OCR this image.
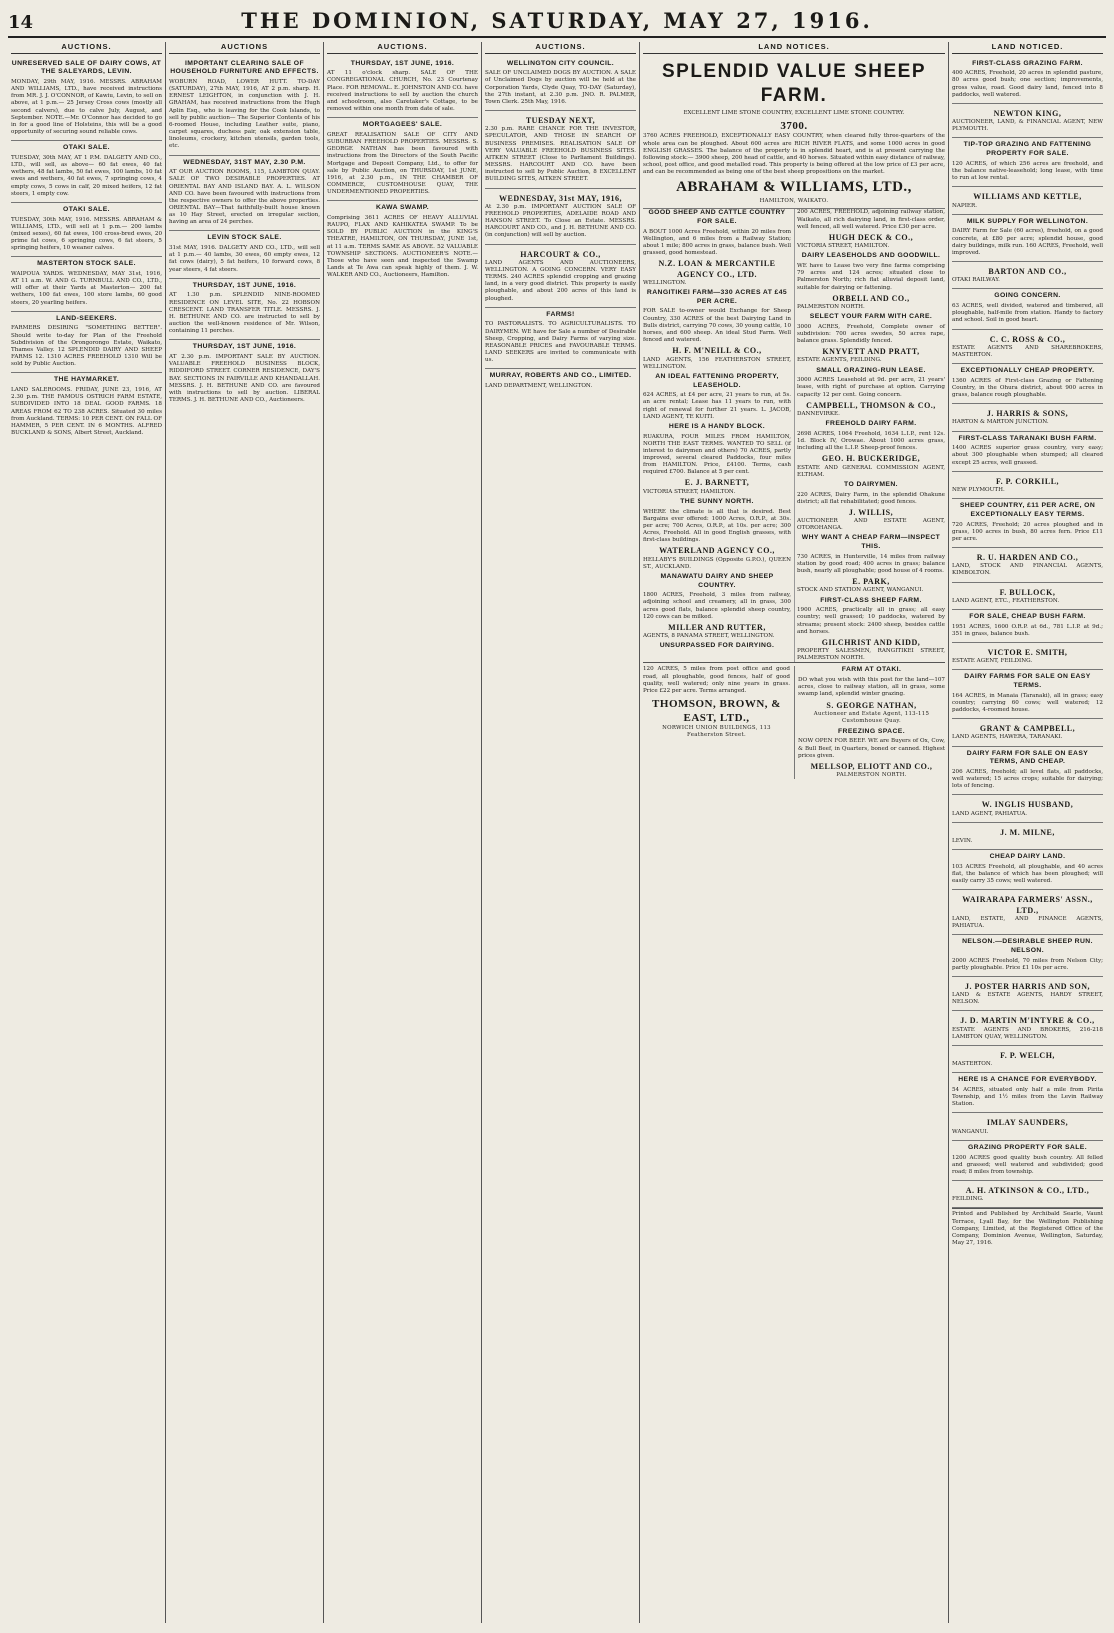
14	THE DOMINION, SATURDAY, MAY 27, 1916.
AUCTIONS.
UNRESERVED SALE OF DAIRY COWS, AT THE SALEYARDS, LEVIN.
MONDAY, 29th MAY, 1916. MESSRS. ABRAHAM AND WILLIAMS, LTD., have received instructions from MR. J. J. O'CONNOR, of Kawiu, Levin, to sell on above, at 1 p.m.— 25 Jersey Cross cows (mostly all second calvers), due to calve July, August, and September. NOTE.—Mr. O'Connor has decided to go in for a good line of Holsteins, this will be a good opportunity of securing sound reliable cows.
OTAKI SALE.
TUESDAY, 30th MAY, AT 1 P.M. DALGETY AND CO., LTD., will sell, as above— 60 fat ewes, 40 fat wethers, 48 fat lambs, 50 fat ewes, 100 lambs, 10 fat ewes and wethers, 40 fat ewes, 7 springing cows, 4 empty cows, 5 cows in calf, 20 mixed heifers, 12 fat steers, 1 empty cow.
OTAKI SALE.
TUESDAY, 30th MAY, 1916. MESSRS. ABRAHAM & WILLIAMS, LTD., will sell at 1 p.m.— 200 lambs (mixed sexes), 60 fat ewes, 100 cross-bred ewes, 20 prime fat cows, 6 springing cows, 6 fat steers, 5 springing heifers, 10 weaner calves.
MASTERTON STOCK SALE.
WAIPOUA YARDS. WEDNESDAY, MAY 31st, 1916, AT 11 a.m. W. AND G. TURNBULL AND CO., LTD., will offer at their Yards at Masterton— 200 fat wethers, 100 fat ewes, 100 store lambs, 60 good steers, 20 yearling heifers.
LAND-SEEKERS.
FARMERS DESIRING "SOMETHING BETTER". Should write to-day for Plan of the Freehold Subdivision of the Orongorongo Estate, Waikato, Thames Valley. 12 SPLENDID DAIRY AND SHEEP FARMS 12. 1310 ACRES FREEHOLD 1310 Will be sold by Public Auction.
THE HAYMARKET.
LAND SALEROOMS. FRIDAY, JUNE 23, 1916, AT 2.30 p.m. THE FAMOUS OSTRICH FARM ESTATE, SUBDIVIDED INTO 18 DEAL GOOD FARMS. 18 AREAS FROM 62 TO 238 ACRES. Situated 30 miles from Auckland. TERMS: 10 PER CENT. ON FALL OF HAMMER, 5 PER CENT. IN 6 MONTHS. ALFRED BUCKLAND & SONS, Albert Street, Auckland.
AUCTIONS
IMPORTANT CLEARING SALE OF HOUSEHOLD FURNITURE AND EFFECTS.
WOBURN ROAD, LOWER HUTT. TO-DAY (SATURDAY), 27th MAY, 1916, AT 2 p.m. sharp. H. ERNEST LEIGHTON, in conjunction with J. H. GRAHAM, has received instructions from the Hugh Aplin Esq., who is leaving for the Cook Islands, to sell by public auction— The Superior Contents of his 6-roomed House, including Leather suite, piano, carpet squares, duchess pair, oak extension table, linoleums, crockery, kitchen utensils, garden tools, etc.
WEDNESDAY, 31ST MAY, 2.30 P.M.
AT OUR AUCTION ROOMS, 115, LAMBTON QUAY. SALE OF TWO DESIRABLE PROPERTIES. AT ORIENTAL BAY AND ISLAND BAY. A. L. WILSON AND CO. have been favoured with instructions from the respective owners to offer the above properties. ORIENTAL BAY—That faithfully-built house known as 10 Hay Street, erected on irregular section, having an area of 24 perches.
LEVIN STOCK SALE.
31st MAY, 1916. DALGETY AND CO., LTD., will sell at 1 p.m.— 40 lambs, 30 ewes, 60 empty ewes, 12 fat cows (dairy), 5 fat heifers, 10 forward cows, 8 year steers, 4 fat steers.
THURSDAY, 1ST JUNE, 1916.
AT 1.30 p.m. SPLENDID NINE-ROOMED RESIDENCE ON LEVEL SITE, No. 22 HOBSON CRESCENT. LAND TRANSFER TITLE. MESSRS. J. H. BETHUNE AND CO. are instructed to sell by auction the well-known residence of Mr. Wilson, containing 11 perches.
THURSDAY, 1ST JUNE, 1916.
AT 2.30 p.m. IMPORTANT SALE BY AUCTION. VALUABLE FREEHOLD BUSINESS BLOCK, RIDDIFORD STREET. CORNER RESIDENCE, DAY'S BAY. SECTIONS IN FAIRVILLE AND KHANDALLAH. MESSRS. J. H. BETHUNE AND CO. are favoured with instructions to sell by auction. LIBERAL TERMS. J. H. BETHUNE AND CO., Auctioneers.
AUCTIONS.
THURSDAY, 1ST JUNE, 1916.
AT 11 o'clock sharp. SALE OF THE CONGREGATIONAL CHURCH, No. 23 Courtenay Place. FOR REMOVAL. E. JOHNSTON AND CO. have received instructions to sell by auction the church and schoolroom, also Caretaker's Cottage, to be removed within one month from date of sale.
MORTGAGEES' SALE.
GREAT REALISATION SALE OF CITY AND SUBURBAN FREEHOLD PROPERTIES. MESSRS. S. GEORGE NATHAN has been favoured with instructions from the Directors of the South Pacific Mortgage and Deposit Company, Ltd., to offer for sale by Public Auction, on THURSDAY, 1st JUNE, 1916, at 2.30 p.m., IN THE CHAMBER OF COMMERCE, CUSTOMHOUSE QUAY, THE UNDERMENTIONED PROPERTIES.
KAWA SWAMP.
Comprising 3611 ACRES OF HEAVY ALLUVIAL RAUPO, FLAX AND KAHIKATEA SWAMP. To be SOLD BY PUBLIC AUCTION in the KING'S THEATRE, HAMILTON, ON THURSDAY, JUNE 1st, at 11 a.m. TERMS SAME AS ABOVE. 52 VALUABLE TOWNSHIP SECTIONS. AUCTIONEER'S NOTE.—Those who have seen and inspected the Swamp Lands at Te Awa can speak highly of them. J. W. WALKER AND CO., Auctioneers, Hamilton.
AUCTIONS.
WELLINGTON CITY COUNCIL.
SALE OF UNCLAIMED DOGS BY AUCTION. A SALE of Unclaimed Dogs by auction will be held at the Corporation Yards, Clyde Quay, TO-DAY (Saturday), the 27th instant, at 2.30 p.m. JNO. R. PALMER, Town Clerk. 25th May, 1916.
TUESDAY NEXT,
2.30 p.m. RARE CHANCE FOR THE INVESTOR, SPECULATOR, AND THOSE IN SEARCH OF BUSINESS PREMISES. REALISATION SALE OF VERY VALUABLE FREEHOLD BUSINESS SITES. AITKEN STREET (Close to Parliament Buildings). MESSRS. HARCOURT AND CO. have been instructed to sell by Public Auction, 8 EXCELLENT BUILDING SITES, AITKEN STREET.
WEDNESDAY, 31st MAY, 1916,
At 2.30 p.m. IMPORTANT AUCTION SALE OF FREEHOLD PROPERTIES, ADELAIDE ROAD AND HANSON STREET. To Close an Estate. MESSRS. HARCOURT AND CO., and J. H. BETHUNE AND CO. (in conjunction) will sell by auction.
HARCOURT & CO.,
LAND AGENTS AND AUCTIONEERS, WELLINGTON. A GOING CONCERN. VERY EASY TERMS. 240 ACRES splendid cropping and grazing land, in a very good district. This property is easily ploughable, and about 200 acres of this land is ploughed.
FARMS!
TO PASTORALISTS. TO AGRICULTURALISTS. TO DAIRYMEN. WE have for Sale a number of Desirable Sheep, Cropping, and Dairy Farms of varying size. REASONABLE PRICES and FAVOURABLE TERMS. LAND SEEKERS are invited to communicate with us.
MURRAY, ROBERTS AND CO., LIMITED.
LAND DEPARTMENT, WELLINGTON.
LAND NOTICES.
SPLENDID VALUE SHEEP FARM.
EXCELLENT LIME STONE COUNTRY, EXCELLENT LIME STONE COUNTRY.
3700.
3760 ACRES FREEHOLD, EXCEPTIONALLY EASY COUNTRY, when cleared fully three-quarters of the whole area can be ploughed. About 600 acres are RICH RIVER FLATS, and some 1000 acres in good ENGLISH GRASSES. The balance of the property is in splendid heart, and is at present carrying the following stock:— 3900 sheep, 200 head of cattle, and 40 horses. Situated within easy distance of railway, school, post office, and good metalled road. This property is being offered at the low price of £3 per acre, and can be recommended as being one of the best sheep propositions on the market.
ABRAHAM & WILLIAMS, LTD.,
HAMILTON, WAIKATO.
GOOD SHEEP AND CATTLE COUNTRY FOR SALE.
A BOUT 1000 Acres Freehold, within 20 miles from Wellington, and 6 miles from a Railway Station; about 1 mile; 800 acres in grass, balance bush. Well grassed, good homestead.
N.Z. LOAN & MERCANTILE AGENCY CO., LTD.
WELLINGTON.
RANGITIKEI FARM—330 ACRES AT £45 PER ACRE.
FOR SALE to-owner would Exchange for Sheep Country, 330 ACRES of the best Dairying Land in Bulls district, carrying 70 cows, 30 young cattle, 10 horses, and 600 sheep. An ideal Stud Farm. Well fenced and watered.
H. F. M'NEILL & CO.,
LAND AGENTS, 156 FEATHERSTON STREET, WELLINGTON.
AN IDEAL FATTENING PROPERTY, LEASEHOLD.
624 ACRES, at £4 per acre, 21 years to run, at 5s. an acre rental; Lease has 11 years to run, with right of renewal for further 21 years. L. JACOB, LAND AGENT, TE KUITI.
HERE IS A HANDY BLOCK.
RUAKURA, FOUR MILES FROM HAMILTON, NORTH THE EAST TERMS. WANTED TO SELL (if interest to dairymen and others) 70 ACRES, partly improved, several cleared Paddocks, four miles from HAMILTON. Price, £4100. Terms, cash required £700. Balance at 5 per cent.
E. J. BARNETT,
VICTORIA STREET, HAMILTON.
THE SUNNY NORTH.
WHERE the climate is all that is desired. Best Bargains ever offered: 1000 Acres, O.R.P., at 30s. per acre; 700 Acres, O.R.P., at 10s. per acre; 300 Acres, Freehold. All in good English grasses, with first-class buildings.
WATERLAND AGENCY CO.,
HELLABY'S BUILDINGS (Opposite G.P.O.), QUEEN ST., AUCKLAND.
MANAWATU DAIRY AND SHEEP COUNTRY.
1800 ACRES, Freehold, 3 miles from railway, adjoining school and creamery, all in grass, 300 acres good flats, balance splendid sheep country, 120 cows can be milked.
MILLER AND RUTTER,
AGENTS, 8 PANAMA STREET, WELLINGTON.
UNSURPASSED FOR DAIRYING.
200 ACRES, FREEHOLD, adjoining railway station, Waikato, all rich dairying land, in first-class order, well fenced, all well watered. Price £30 per acre.
HUGH DECK & CO.,
VICTORIA STREET, HAMILTON.
DAIRY LEASEHOLDS AND GOODWILL.
WE have to Lease two very fine farms comprising 79 acres and 124 acres; situated close to Palmerston North; rich flat alluvial deposit land, suitable for dairying or fattening.
ORBELL AND CO.,
PALMERSTON NORTH.
SELECT YOUR FARM WITH CARE.
3000 ACRES, Freehold, Complete owner of subdivision: 700 acres swedes, 50 acres rape, balance grass. Splendidly fenced.
KNYVETT AND PRATT,
ESTATE AGENTS, FEILDING.
SMALL GRAZING-RUN LEASE.
3000 ACRES Leasehold at 9d. per acre, 21 years' lease, with right of purchase at option. Carrying capacity 12 per cent. Going concern.
CAMPBELL, THOMSON & CO.,
DANNEVIRKE.
FREEHOLD DAIRY FARM.
2698 ACRES, 1064 Freehold, 1634 L.I.P., rent 12s. 1d. Block IV, Orowae. About 1000 acres grass, including all the L.I.P. Sheep-proof fences.
GEO. H. BUCKERIDGE,
ESTATE AND GENERAL COMMISSION AGENT, ELTHAM.
TO DAIRYMEN.
220 ACRES, Dairy Farm, in the splendid Ohakune district; all flat rehabilitated; good fences.
J. WILLIS,
AUCTIONEER AND ESTATE AGENT, OTOROHANGA.
WHY WANT A CHEAP FARM—INSPECT THIS.
730 ACRES, in Hunterville, 14 miles from railway station by good road; 400 acres in grass; balance bush, nearly all ploughable; good house of 4 rooms.
E. PARK,
STOCK AND STATION AGENT, WANGANUI.
FIRST-CLASS SHEEP FARM.
1900 ACRES, practically all in grass; all easy country; well grassed; 10 paddocks, watered by streams; present stock: 2400 sheep, besides cattle and horses.
GILCHRIST AND KIDD,
PROPERTY SALESMEN, RANGITIKEI STREET, PALMERSTON NORTH.
120 ACRES, 5 miles from post office and good road, all ploughable, good fences, half of good quality, well watered; only nine years in grass. Price £22 per acre. Terms arranged.
THOMSON, BROWN, & EAST, LTD.,
NORWICH UNION BUILDINGS, 113 Featherston Street.
FARM AT OTAKI.
DO what you wish with this post for the land—107 acres, close to railway station, all in grass, some swamp land, splendid winter grazing.
S. GEORGE NATHAN,
Auctioneer and Estate Agent, 113-115 Customhouse Quay.
FREEZING SPACE.
NOW OPEN FOR BEEF. WE are Buyers of Ox, Cow, & Bull Beef, in Quarters, boned or canned. Highest prices given.
MELLSOP, ELIOTT AND CO.,
PALMERSTON NORTH.
LAND NOTICED.
FIRST-CLASS GRAZING FARM.
400 ACRES, Freehold, 20 acres in splendid pasture, 80 acres good bush; one section; improvements, gross value, road. Good dairy land, fenced into 8 paddocks, well watered.
NEWTON KING,
AUCTIONEER, LAND, & FINANCIAL AGENT, NEW PLYMOUTH.
TIP-TOP GRAZING AND FATTENING PROPERTY FOR SALE.
120 ACRES, of which 256 acres are freehold, and the balance native-leasehold; long lease, with time to run at low rental.
WILLIAMS AND KETTLE,
NAPIER.
MILK SUPPLY FOR WELLINGTON.
DAIRY Farm for Sale (60 acres), freehold, on a good concrete, at £80 per acre; splendid house, good dairy buildings, milk run. 160 ACRES, Freehold, well improved.
BARTON AND CO.,
OTAKI RAILWAY.
GOING CONCERN.
63 ACRES, well divided, watered and timbered, all ploughable, half-mile from station. Handy to factory and school. Soil in good heart.
C. C. ROSS & CO.,
ESTATE AGENTS AND SHAREBROKERS, MASTERTON.
EXCEPTIONALLY CHEAP PROPERTY.
1360 ACRES of First-class Grazing or Fattening Country, in the Ohura district, about 900 acres in grass, balance rough ploughable.
J. HARRIS & SONS,
HARTON & MARTON JUNCTION.
FIRST-CLASS TARANAKI BUSH FARM.
1400 ACRES superior grass country, very easy; about 300 ploughable when stumped; all cleared except 25 acres, well grassed.
F. P. CORKILL,
NEW PLYMOUTH.
SHEEP COUNTRY, £11 PER ACRE, ON EXCEPTIONALLY EASY TERMS.
720 ACRES, Freehold; 20 acres ploughed and in grass, 100 acres in bush, 80 acres fern. Price £11 per acre.
R. U. HARDEN AND CO.,
LAND, STOCK AND FINANCIAL AGENTS, KIMBOLTON.
F. BULLOCK,
LAND AGENT, ETC., FEATHERSTON.
FOR SALE, CHEAP BUSH FARM.
1951 ACRES, 1600 O.R.P. at 6d., 781 L.I.P. at 9d.; 351 in grass, balance bush.
VICTOR E. SMITH,
ESTATE AGENT, FEILDING.
DAIRY FARMS FOR SALE ON EASY TERMS.
164 ACRES, in Manaia (Taranaki), all in grass; easy country; carrying 60 cows; well watered; 12 paddocks, 4-roomed house.
GRANT & CAMPBELL,
LAND AGENTS, HAWERA, TARANAKI.
DAIRY FARM FOR SALE ON EASY TERMS, AND CHEAP.
206 ACRES, freehold; all level flats, all paddocks, well watered; 15 acres crops; suitable for dairying; lots of fencing.
W. INGLIS HUSBAND,
LAND AGENT, PAHIATUA.
J. M. MILNE,
LEVIN.
CHEAP DAIRY LAND.
103 ACRES Freehold, all ploughable, and 40 acres flat, the balance of which has been ploughed; will easily carry 35 cows; well watered.
WAIRARAPA FARMERS' ASSN., LTD.,
LAND, ESTATE, AND FINANCE AGENTS, PAHIATUA.
NELSON.—DESIRABLE SHEEP RUN. NELSON.
2000 ACRES Freehold, 70 miles from Nelson City; partly ploughable. Price £1 10s per acre.
J. POSTER HARRIS AND SON,
LAND & ESTATE AGENTS, HARDY STREET, NELSON.
J. D. MARTIN M'INTYRE & CO.,
ESTATE AGENTS AND BROKERS, 216-218 LAMBTON QUAY, WELLINGTON.
F. P. WELCH,
MASTERTON.
HERE IS A CHANCE FOR EVERYBODY.
54 ACRES, situated only half a mile from Pirita Township, and 1½ miles from the Levin Railway Station.
IMLAY SAUNDERS,
WANGANUI.
GRAZING PROPERTY FOR SALE.
1200 ACRES good quality bush country. All felled and grassed; well watered and subdivided; good road; 8 miles from township.
A. H. ATKINSON & CO., LTD.,
FEILDING.
Printed and Published by Archibald Searle, Vaunt Terrace, Lyall Bay, for the Wellington Publishing Company, Limited, at the Registered Office of the Company, Dominion Avenue, Wellington, Saturday, May 27, 1916.
